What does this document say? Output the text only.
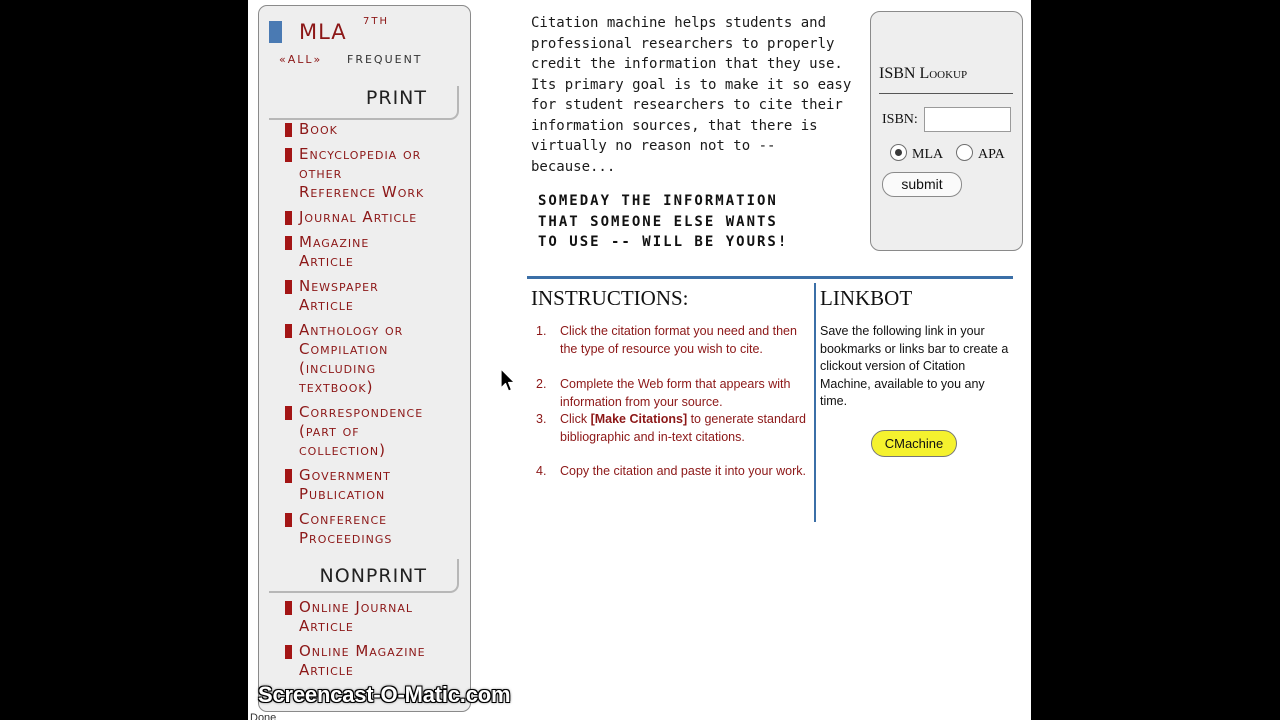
MLA 7TH
«ALL» FREQUENT
PRINT
NONPRINT
Book
Encyclopedia or
other
Reference Work
Journal Article
Magazine
Article
Newspaper
Article
Anthology or
Compilation
(including
textbook)
Correspondence
(part of
collection)
Government
Publication
Conference
Proceedings
Online Journal
Article
Online Magazine
Article
Citation machine helps students and
professional researchers to properly
credit the information that they use.
Its primary goal is to make it so easy
for student researchers to cite their
information sources, that there is
virtually no reason not to --
because...
SOMEDAY THE INFORMATION
THAT SOMEONE ELSE WANTS
TO USE -- WILL BE YOURS!
ISBN Lookup
ISBN:
MLA APA
submit
INSTRUCTIONS:	LINKBOT
Save the following link in your bookmarks or links bar to create a clickout version of Citation Machine, available to you any time.
CMachine
Done
1.	Click the citation format you need and then the type of resource you wish to cite.
2.	Complete the Web form that appears with information from your source.
3.	Click [Make Citations] to generate standard bibliographic and in-text citations.
4.	Copy the citation and paste it into your work.
Screencast-O-Matic.com
